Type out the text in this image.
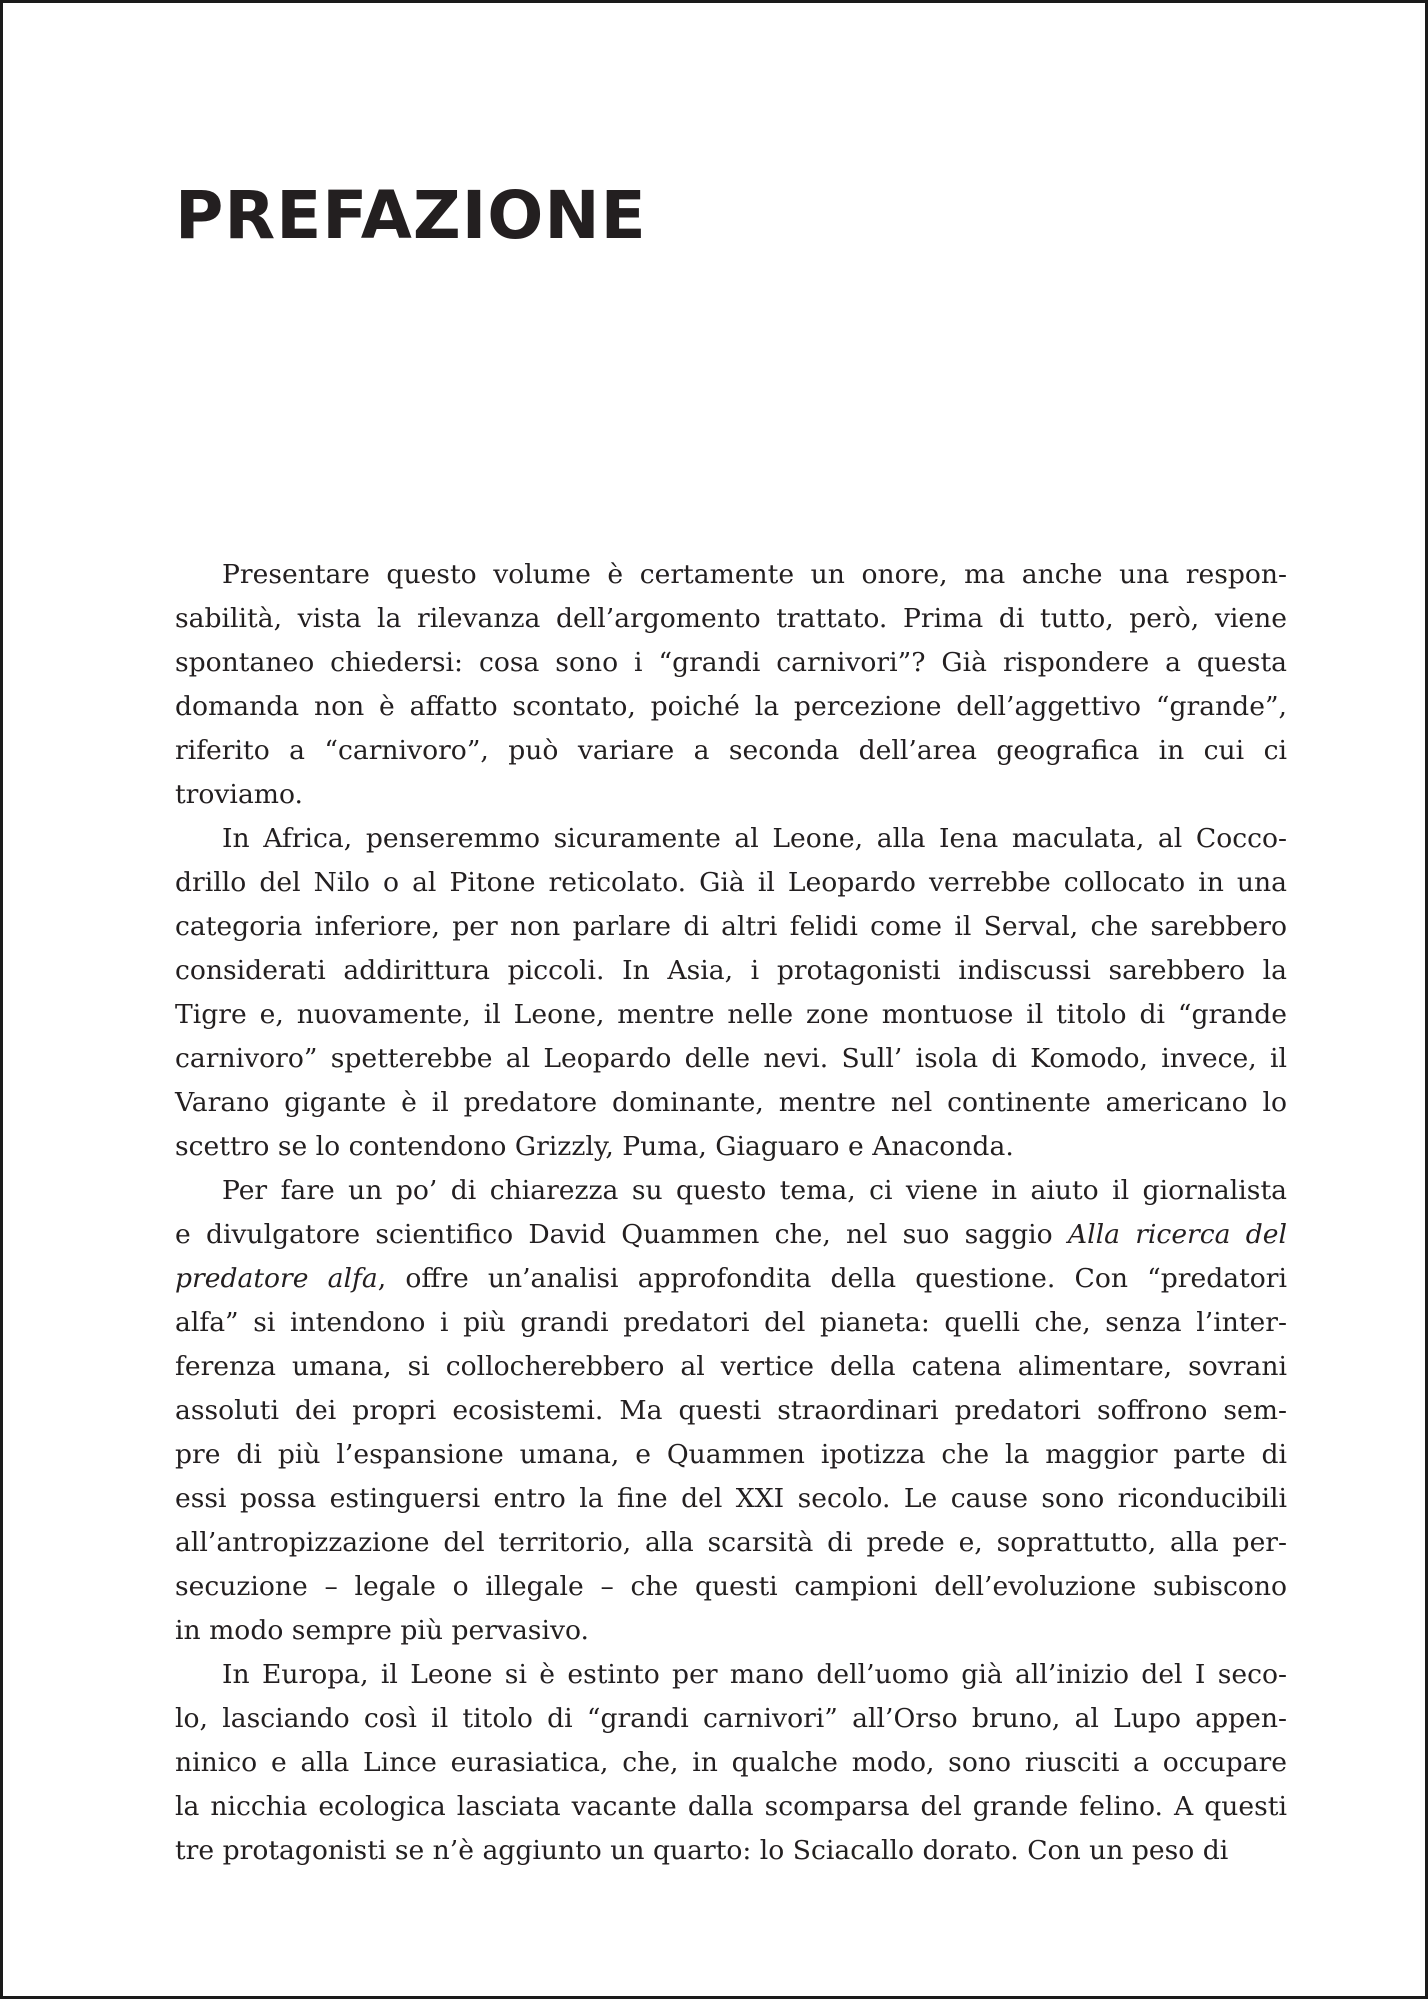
PREFAZIONE
Presentare questo volume è certamente un onore, ma anche una respon-
sabilità, vista la rilevanza dell’argomento trattato. Prima di tutto, però, viene
spontaneo chiedersi: cosa sono i “grandi carnivori”? Già rispondere a questa
domanda non è affatto scontato, poiché la percezione dell’aggettivo “grande”,
riferito a “carnivoro”, può variare a seconda dell’area geografica in cui ci
troviamo.
In Africa, penseremmo sicuramente al Leone, alla Iena maculata, al Cocco-
drillo del Nilo o al Pitone reticolato. Già il Leopardo verrebbe collocato in una
categoria inferiore, per non parlare di altri felidi come il Serval, che sarebbero
considerati addirittura piccoli. In Asia, i protagonisti indiscussi sarebbero la
Tigre e, nuovamente, il Leone, mentre nelle zone montuose il titolo di “grande
carnivoro” spetterebbe al Leopardo delle nevi. Sull’ isola di Komodo, invece, il
Varano gigante è il predatore dominante, mentre nel continente americano lo
scettro se lo contendono Grizzly, Puma, Giaguaro e Anaconda.
Per fare un po’ di chiarezza su questo tema, ci viene in aiuto il giornalista
e divulgatore scientifico David Quammen che, nel suo saggio Alla ricerca del
predatore alfa, offre un’analisi approfondita della questione. Con “predatori
alfa” si intendono i più grandi predatori del pianeta: quelli che, senza l’inter-
ferenza umana, si collocherebbero al vertice della catena alimentare, sovrani
assoluti dei propri ecosistemi. Ma questi straordinari predatori soffrono sem-
pre di più l’espansione umana, e Quammen ipotizza che la maggior parte di
essi possa estinguersi entro la fine del XXI secolo. Le cause sono riconducibili
all’antropizzazione del territorio, alla scarsità di prede e, soprattutto, alla per-
secuzione – legale o illegale – che questi campioni dell’evoluzione subiscono
in modo sempre più pervasivo.
In Europa, il Leone si è estinto per mano dell’uomo già all’inizio del I seco-
lo, lasciando così il titolo di “grandi carnivori” all’Orso bruno, al Lupo appen-
ninico e alla Lince eurasiatica, che, in qualche modo, sono riusciti a occupare
la nicchia ecologica lasciata vacante dalla scomparsa del grande felino. A questi
tre protagonisti se n’è aggiunto un quarto: lo Sciacallo dorato. Con un peso di
